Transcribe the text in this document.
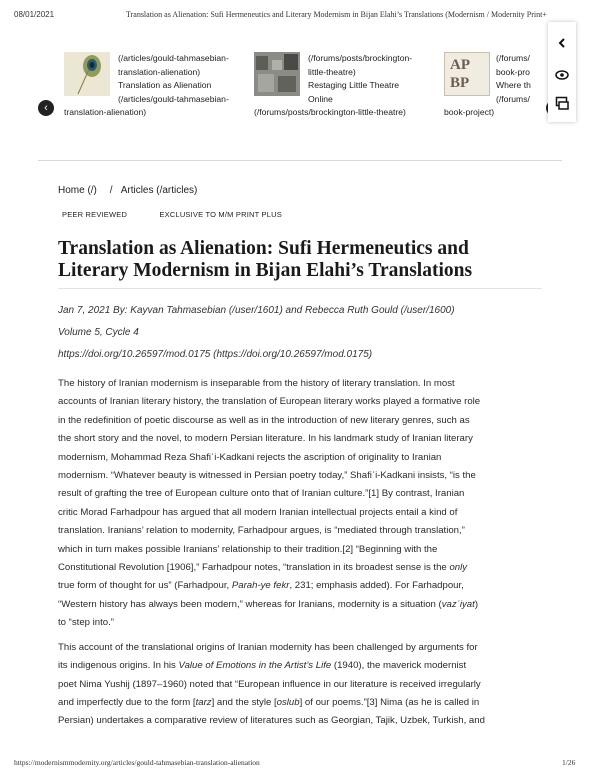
08/01/2021	Translation as Alienation: Sufi Hermeneutics and Literary Modernism in Bijan Elahi’s Translations (Modernism / Modernity Print+
(/articles/gould-tahmasebian-
translation-alienation)
Translation as Alienation
(/articles/gould-tahmasebian-
translation-alienation)
(/forums/posts/brockington-
little-theatre)
Restaging Little Theatre
Online
(/forums/posts/brockington-little-theatre)
AP BP
(/forums/
book-pro
Where th
(/forums/
book-project)
‹
Home (/) / Articles (/articles)
PEER REVIEWED	EXCLUSIVE TO M/M PRINT PLUS
Translation as Alienation: Sufi Hermeneutics and
Literary Modernism in Bijan Elahi’s Translations
Jan 7, 2021 By: Kayvan Tahmasebian (/user/1601) and Rebecca Ruth Gould (/user/1600)
Volume 5, Cycle 4
https://doi.org/10.26597/mod.0175 (https://doi.org/10.26597/mod.0175)

The history of Iranian modernism is inseparable from the history of literary translation. In most
accounts of Iranian literary history, the translation of European literary works played a formative role
in the redefinition of poetic discourse as well as in the introduction of new literary genres, such as
the short story and the novel, to modern Persian literature. In his landmark study of Iranian literary
modernism, Mohammad Reza Shafiʿi-Kadkani rejects the ascription of originality to Iranian
modernism. “Whatever beauty is witnessed in Persian poetry today,” Shafiʿi-Kadkani insists, “is the
result of grafting the tree of European culture onto that of Iranian culture.”[1] By contrast, Iranian
critic Morad Farhadpour has argued that all modern Iranian intellectual projects entail a kind of
translation. Iranians’ relation to modernity, Farhadpour argues, is “mediated through translation,”
which in turn makes possible Iranians’ relationship to their tradition.[2] “Beginning with the
Constitutional Revolution [1906],” Farhadpour notes, “translation in its broadest sense is the only
true form of thought for us” (Farhadpour, Parah-ye fekr, 231; emphasis added). For Farhadpour,
“Western history has always been modern,” whereas for Iranians, modernity is a situation (vazʿiyat)
to “step into.”

This account of the translational origins of Iranian modernity has been challenged by arguments for
its indigenous origins. In his Value of Emotions in the Artist’s Life (1940), the maverick modernist
poet Nima Yushij (1897–1960) noted that “European influence in our literature is received irregularly
and imperfectly due to the form [tarz] and the style [oslub] of our poems.”[3] Nima (as he is called in
Persian) undertakes a comparative review of literatures such as Georgian, Tajik, Uzbek, Turkish, and

https://modernismmodernity.org/articles/gould-tahmasebian-translation-alienation	1/26
